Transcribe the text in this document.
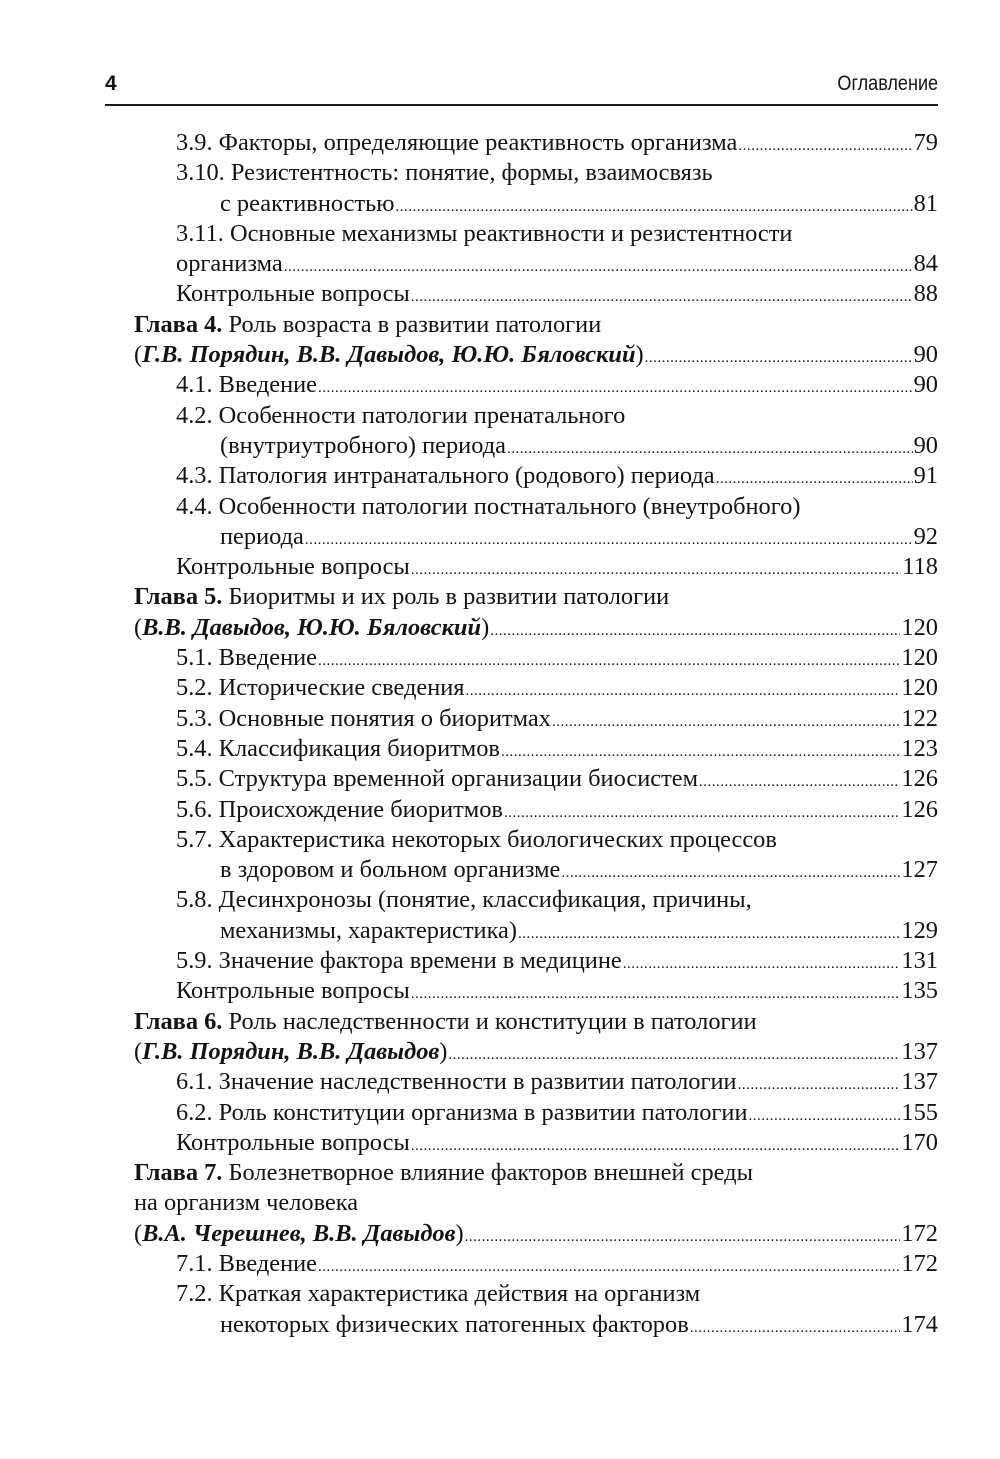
4	Оглавление
3.9. Факторы, определяющие реактивность организма .....	79
3.10. Резистентность: понятие, формы, взаимосвязь
с реактивностью .....	81
3.11. Основные механизмы реактивности и резистентности
организма .....	84
Контрольные вопросы .....	88
Глава 4. Роль возраста в развитии патологии
(Г.В. Порядин, В.В. Давыдов, Ю.Ю. Бяловский) .....	90
4.1. Введение .....	90
4.2. Особенности патологии пренатального
(внутриутробного) периода .....	90
4.3. Патология интранатального (родового) периода .....	91
4.4. Особенности патологии постнатального (внеутробного)
периода .....	92
Контрольные вопросы .....	118
Глава 5. Биоритмы и их роль в развитии патологии
(В.В. Давыдов, Ю.Ю. Бяловский) .....	120
5.1. Введение .....	120
5.2. Исторические сведения .....	120
5.3. Основные понятия о биоритмах .....	122
5.4. Классификация биоритмов .....	123
5.5. Структура временной организации биосистем .....	126
5.6. Происхождение биоритмов .....	126
5.7. Характеристика некоторых биологических процессов
в здоровом и больном организме .....	127
5.8. Десинхронозы (понятие, классификация, причины,
механизмы, характеристика) .....	129
5.9. Значение фактора времени в медицине .....	131
Контрольные вопросы .....	135
Глава 6. Роль наследственности и конституции в патологии
(Г.В. Порядин, В.В. Давыдов) .....	137
6.1. Значение наследственности в развитии патологии .....	137
6.2. Роль конституции организма в развитии патологии .....	155
Контрольные вопросы .....	170
Глава 7. Болезнетворное влияние факторов внешней среды
на организм человека
(В.А. Черешнев, В.В. Давыдов) .....	172
7.1. Введение .....	172
7.2. Краткая характеристика действия на организм
некоторых физических патогенных факторов .....	174
